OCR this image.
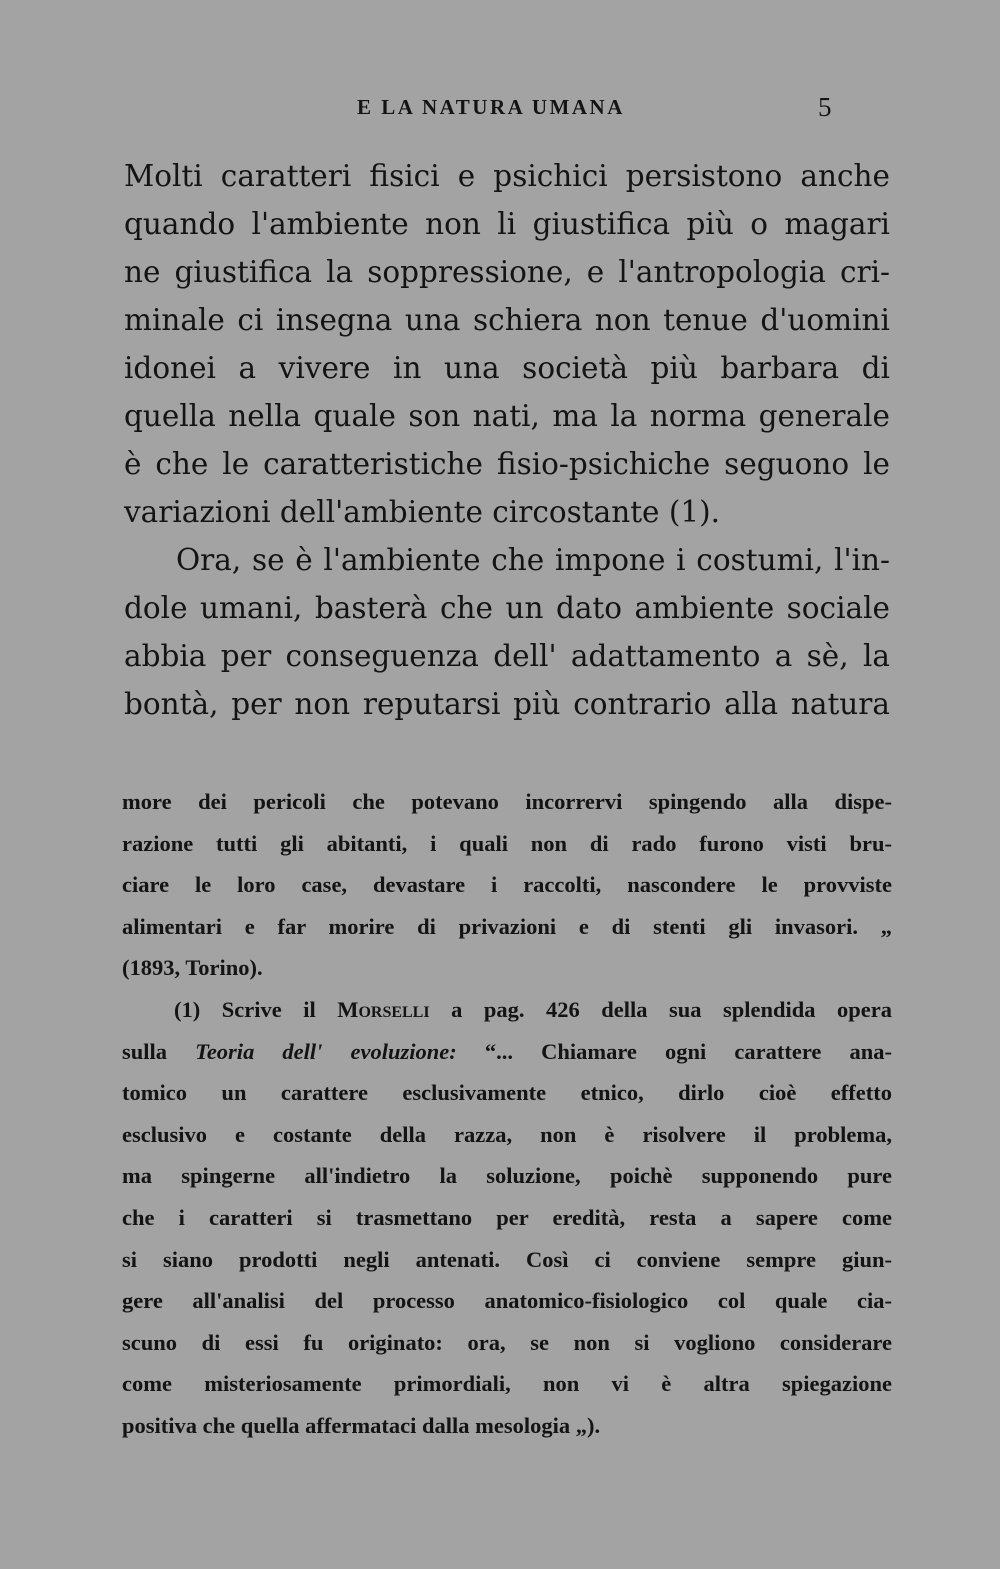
E LA NATURA UMANA	5
Molti caratteri fisici e psichici persistono anche
quando l'ambiente non li giustifica più o magari
ne giustifica la soppressione, e l'antropologia cri-
minale ci insegna una schiera non tenue d'uomini
idonei a vivere in una società più barbara di
quella nella quale son nati, ma la norma generale
è che le caratteristiche fisio-psichiche seguono le
variazioni dell'ambiente circostante (1).
Ora, se è l'ambiente che impone i costumi, l'in-
dole umani, basterà che un dato ambiente sociale
abbia per conseguenza dell' adattamento a sè, la
bontà, per non reputarsi più contrario alla natura
more dei pericoli che potevano incorrervi spingendo alla dispe-
razione tutti gli abitanti, i quali non di rado furono visti bru-
ciare le loro case, devastare i raccolti, nascondere le provviste
alimentari e far morire di privazioni e di stenti gli invasori. „
(1893, Torino).
(1) Scrive il Morselli a pag. 426 della sua splendida opera
sulla Teoria dell' evoluzione: “... Chiamare ogni carattere ana-
tomico un carattere esclusivamente etnico, dirlo cioè effetto
esclusivo e costante della razza, non è risolvere il problema,
ma spingerne all'indietro la soluzione, poichè supponendo pure
che i caratteri si trasmettano per eredità, resta a sapere come
si siano prodotti negli antenati. Così ci conviene sempre giun-
gere all'analisi del processo anatomico-fisiologico col quale cia-
scuno di essi fu originato: ora, se non si vogliono considerare
come misteriosamente primordiali, non vi è altra spiegazione
positiva che quella affermataci dalla mesologia „).
